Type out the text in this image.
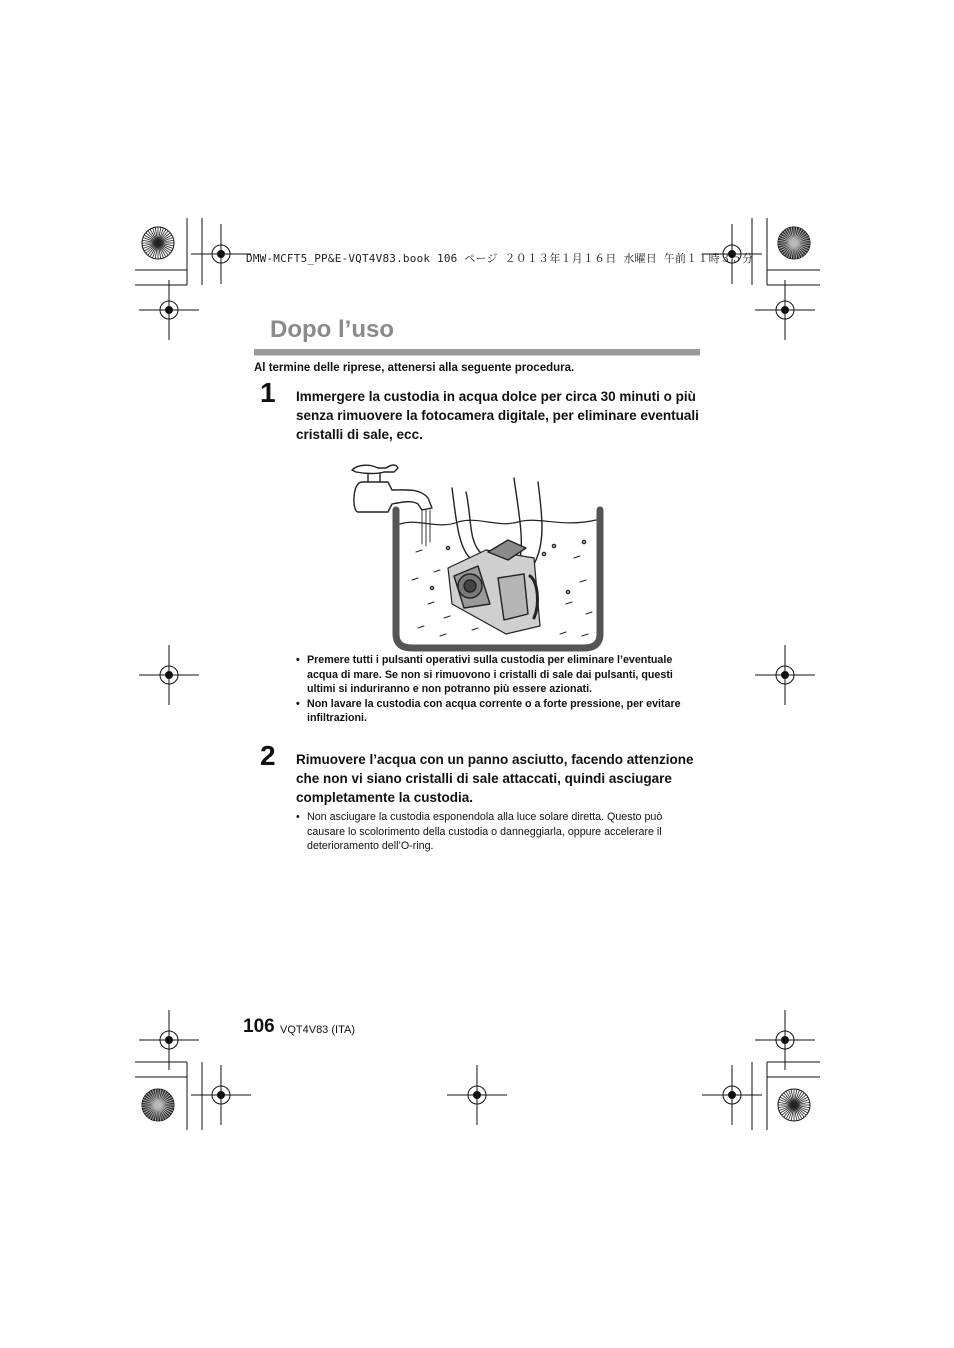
DMW-MCFT5_PP&E-VQT4V83.book 106 ページ ２０１３年１月１６日 水曜日 午前１１時３５分
Dopo l’uso
Al termine delle riprese, attenersi alla seguente procedura.
1 Immergere la custodia in acqua dolce per circa 30 minuti o più senza rimuovere la fotocamera digitale, per eliminare eventuali cristalli di sale, ecc.

• Premere tutti i pulsanti operativi sulla custodia per eliminare l’eventuale acqua di mare. Se non si rimuovono i cristalli di sale dai pulsanti, questi ultimi si induriranno e non potranno più essere azionati.

• Non lavare la custodia con acqua corrente o a forte pressione, per evitare infiltrazioni.

2 Rimuovere l’acqua con un panno asciutto, facendo attenzione che non vi siano cristalli di sale attaccati, quindi asciugare completamente la custodia.

• Non asciugare la custodia esponendola alla luce solare diretta. Questo può causare lo scolorimento della custodia o danneggiarla, oppure accelerare il deterioramento dell’O-ring.

106 VQT4V83 (ITA)
